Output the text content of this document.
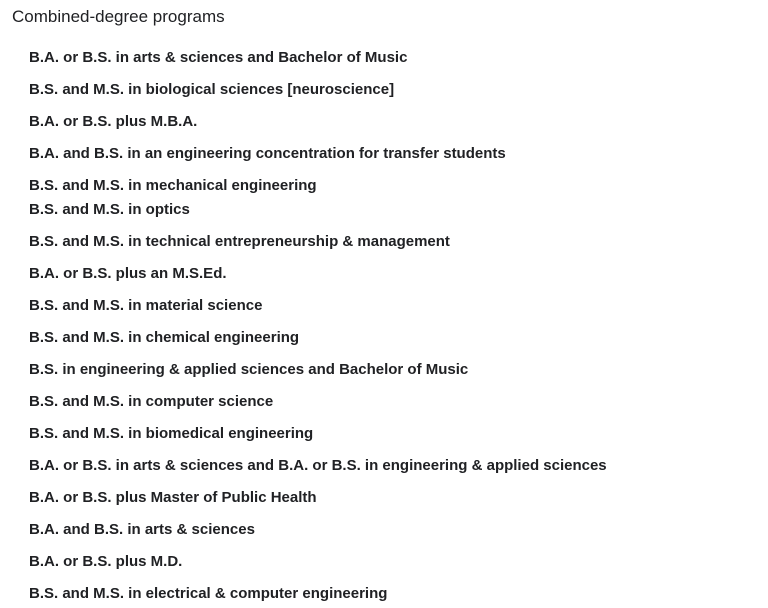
Combined-degree programs
B.A. or B.S. in arts & sciences and Bachelor of Music
B.S. and M.S. in biological sciences [neuroscience]
B.A. or B.S. plus M.B.A.
B.A. and B.S. in an engineering concentration for transfer students
B.S. and M.S. in mechanical engineering
B.S. and M.S. in optics
B.S. and M.S. in technical entrepreneurship & management
B.A. or B.S. plus an M.S.Ed.
B.S. and M.S. in material science
B.S. and M.S. in chemical engineering
B.S. in engineering & applied sciences and Bachelor of Music
B.S. and M.S. in computer science
B.S. and M.S. in biomedical engineering
B.A. or B.S. in arts & sciences and B.A. or B.S. in engineering & applied sciences
B.A. or B.S. plus Master of Public Health
B.A. and B.S. in arts & sciences
B.A. or B.S. plus M.D.
B.S. and M.S. in electrical & computer engineering
